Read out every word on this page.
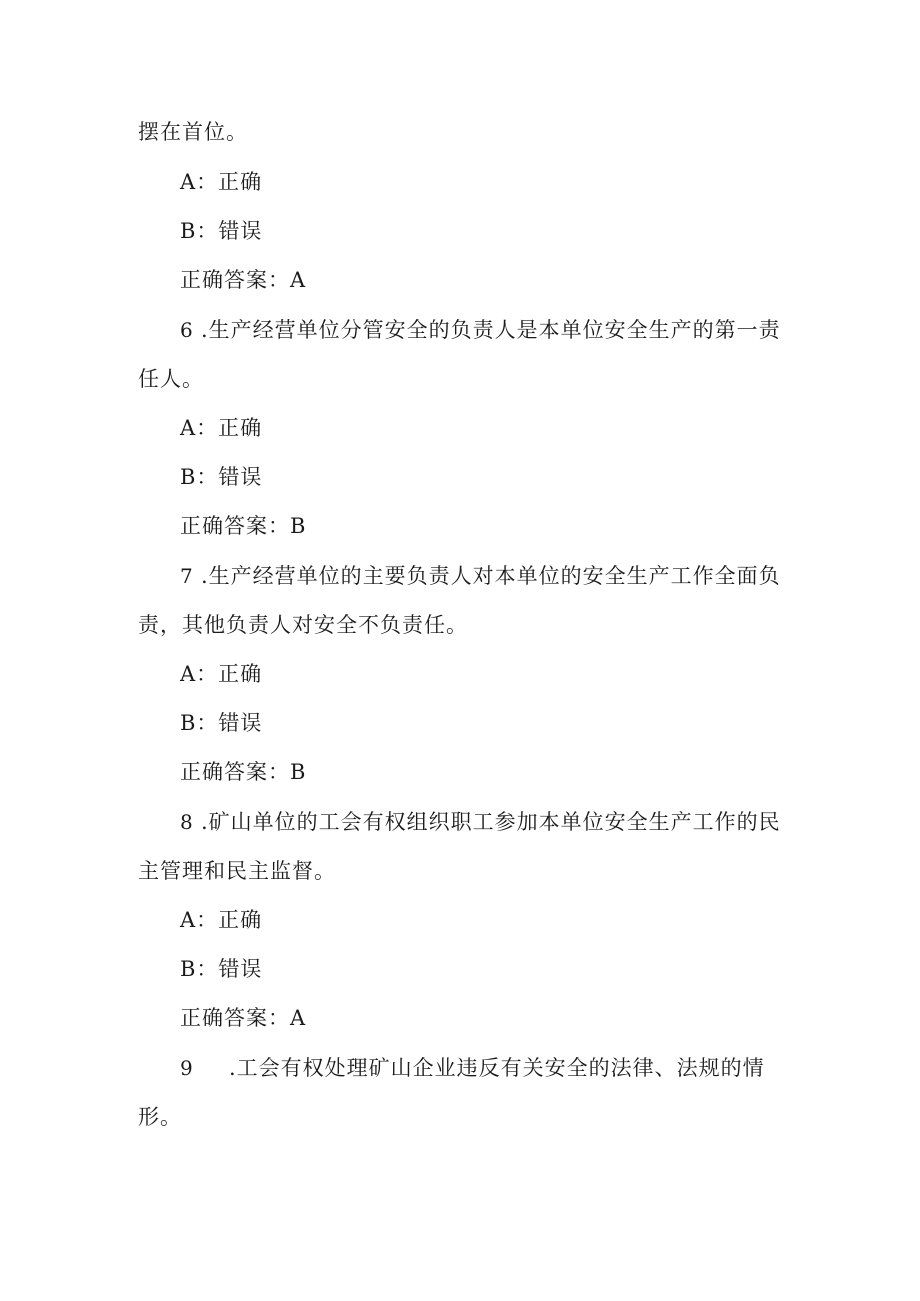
摆在首位。
A：正确
B：错误
正确答案：A
6 .生产经营单位分管安全的负责人是本单位安全生产的第一责
任人。
A：正确
B：错误
正确答案：B
7 .生产经营单位的主要负责人对本单位的安全生产工作全面负
责，其他负责人对安全不负责任。
A：正确
B：错误
正确答案：B
8 .矿山单位的工会有权组织职工参加本单位安全生产工作的民
主管理和民主监督。
A：正确
B：错误
正确答案：A
9 .工会有权处理矿山企业违反有关安全的法律、法规的情
形。
